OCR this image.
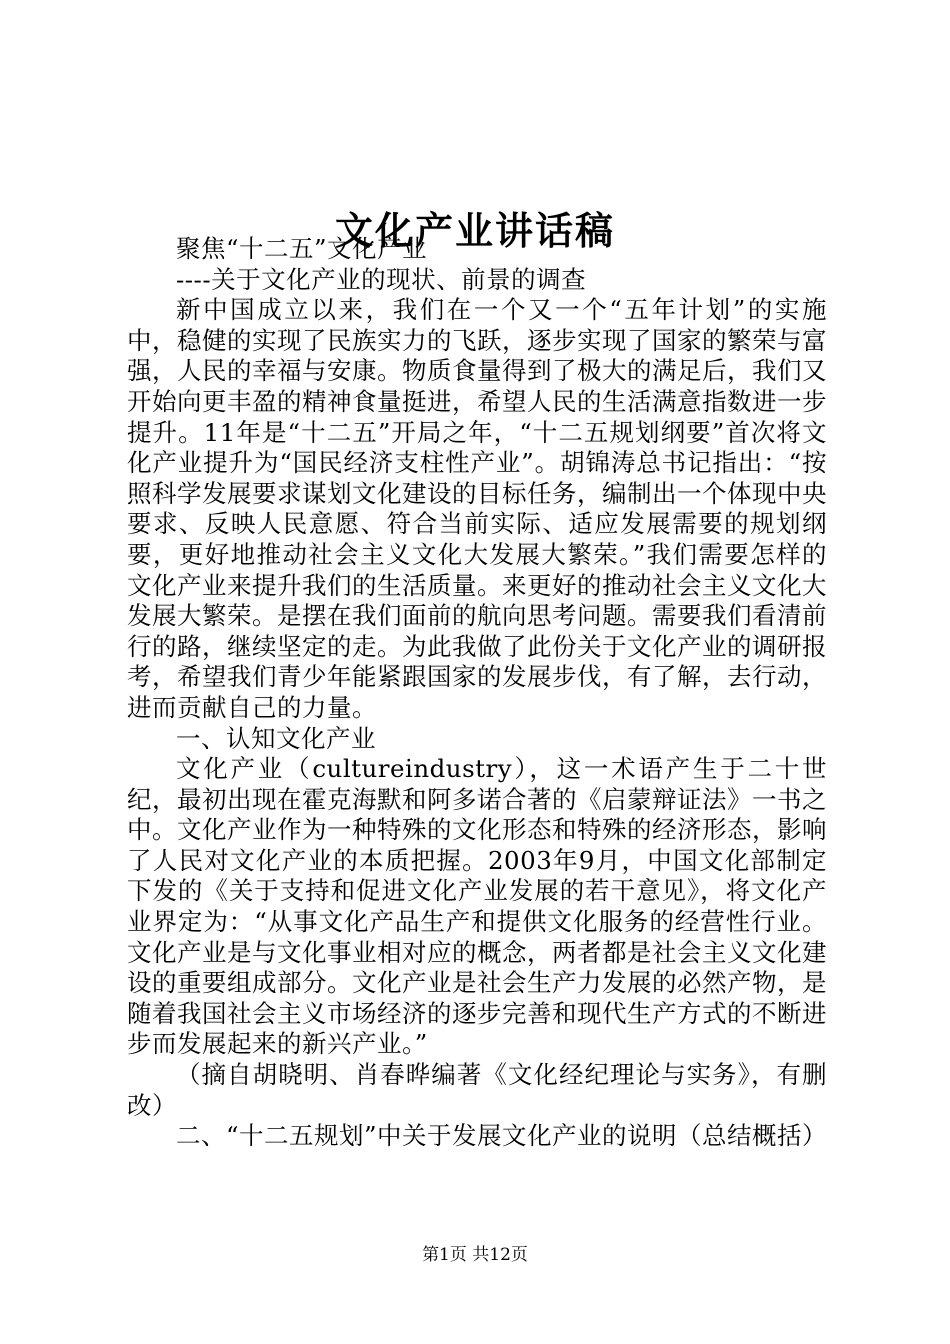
文化产业讲话稿

聚焦“十二五”文化产业

----关于文化产业的现状、前景的调查

新中国成立以来，我们在一个又一个“五年计划”的实施中，稳健的实现了民族实力的飞跃，逐步实现了国家的繁荣与富强，人民的幸福与安康。物质食量得到了极大的满足后，我们又开始向更丰盈的精神食量挺进，希望人民的生活满意指数进一步提升。11年是“十二五”开局之年，“十二五规划纲要”首次将文化产业提升为“国民经济支柱性产业”。胡锦涛总书记指出：“按照科学发展要求谋划文化建设的目标任务，编制出一个体现中央要求、反映人民意愿、符合当前实际、适应发展需要的规划纲要，更好地推动社会主义文化大发展大繁荣。”我们需要怎样的文化产业来提升我们的生活质量。来更好的推动社会主义文化大发展大繁荣。是摆在我们面前的航向思考问题。需要我们看清前行的路，继续坚定的走。为此我做了此份关于文化产业的调研报考，希望我们青少年能紧跟国家的发展步伐，有了解，去行动，进而贡献自己的力量。

一、认知文化产业

文化产业（cultureindustry），这一术语产生于二十世纪，最初出现在霍克海默和阿多诺合著的《启蒙辩证法》一书之中。文化产业作为一种特殊的文化形态和特殊的经济形态，影响了人民对文化产业的本质把握。2003年9月，中国文化部制定下发的《关于支持和促进文化产业发展的若干意见》，将文化产业界定为：“从事文化产品生产和提供文化服务的经营性行业。文化产业是与文化事业相对应的概念，两者都是社会主义文化建设的重要组成部分。文化产业是社会生产力发展的必然产物，是随着我国社会主义市场经济的逐步完善和现代生产方式的不断进步而发展起来的新兴产业。”

（摘自胡晓明、肖春晔编著《文化经纪理论与实务》，有删改）

二、“十二五规划”中关于发展文化产业的说明（总结概括）

第1页 共12页
